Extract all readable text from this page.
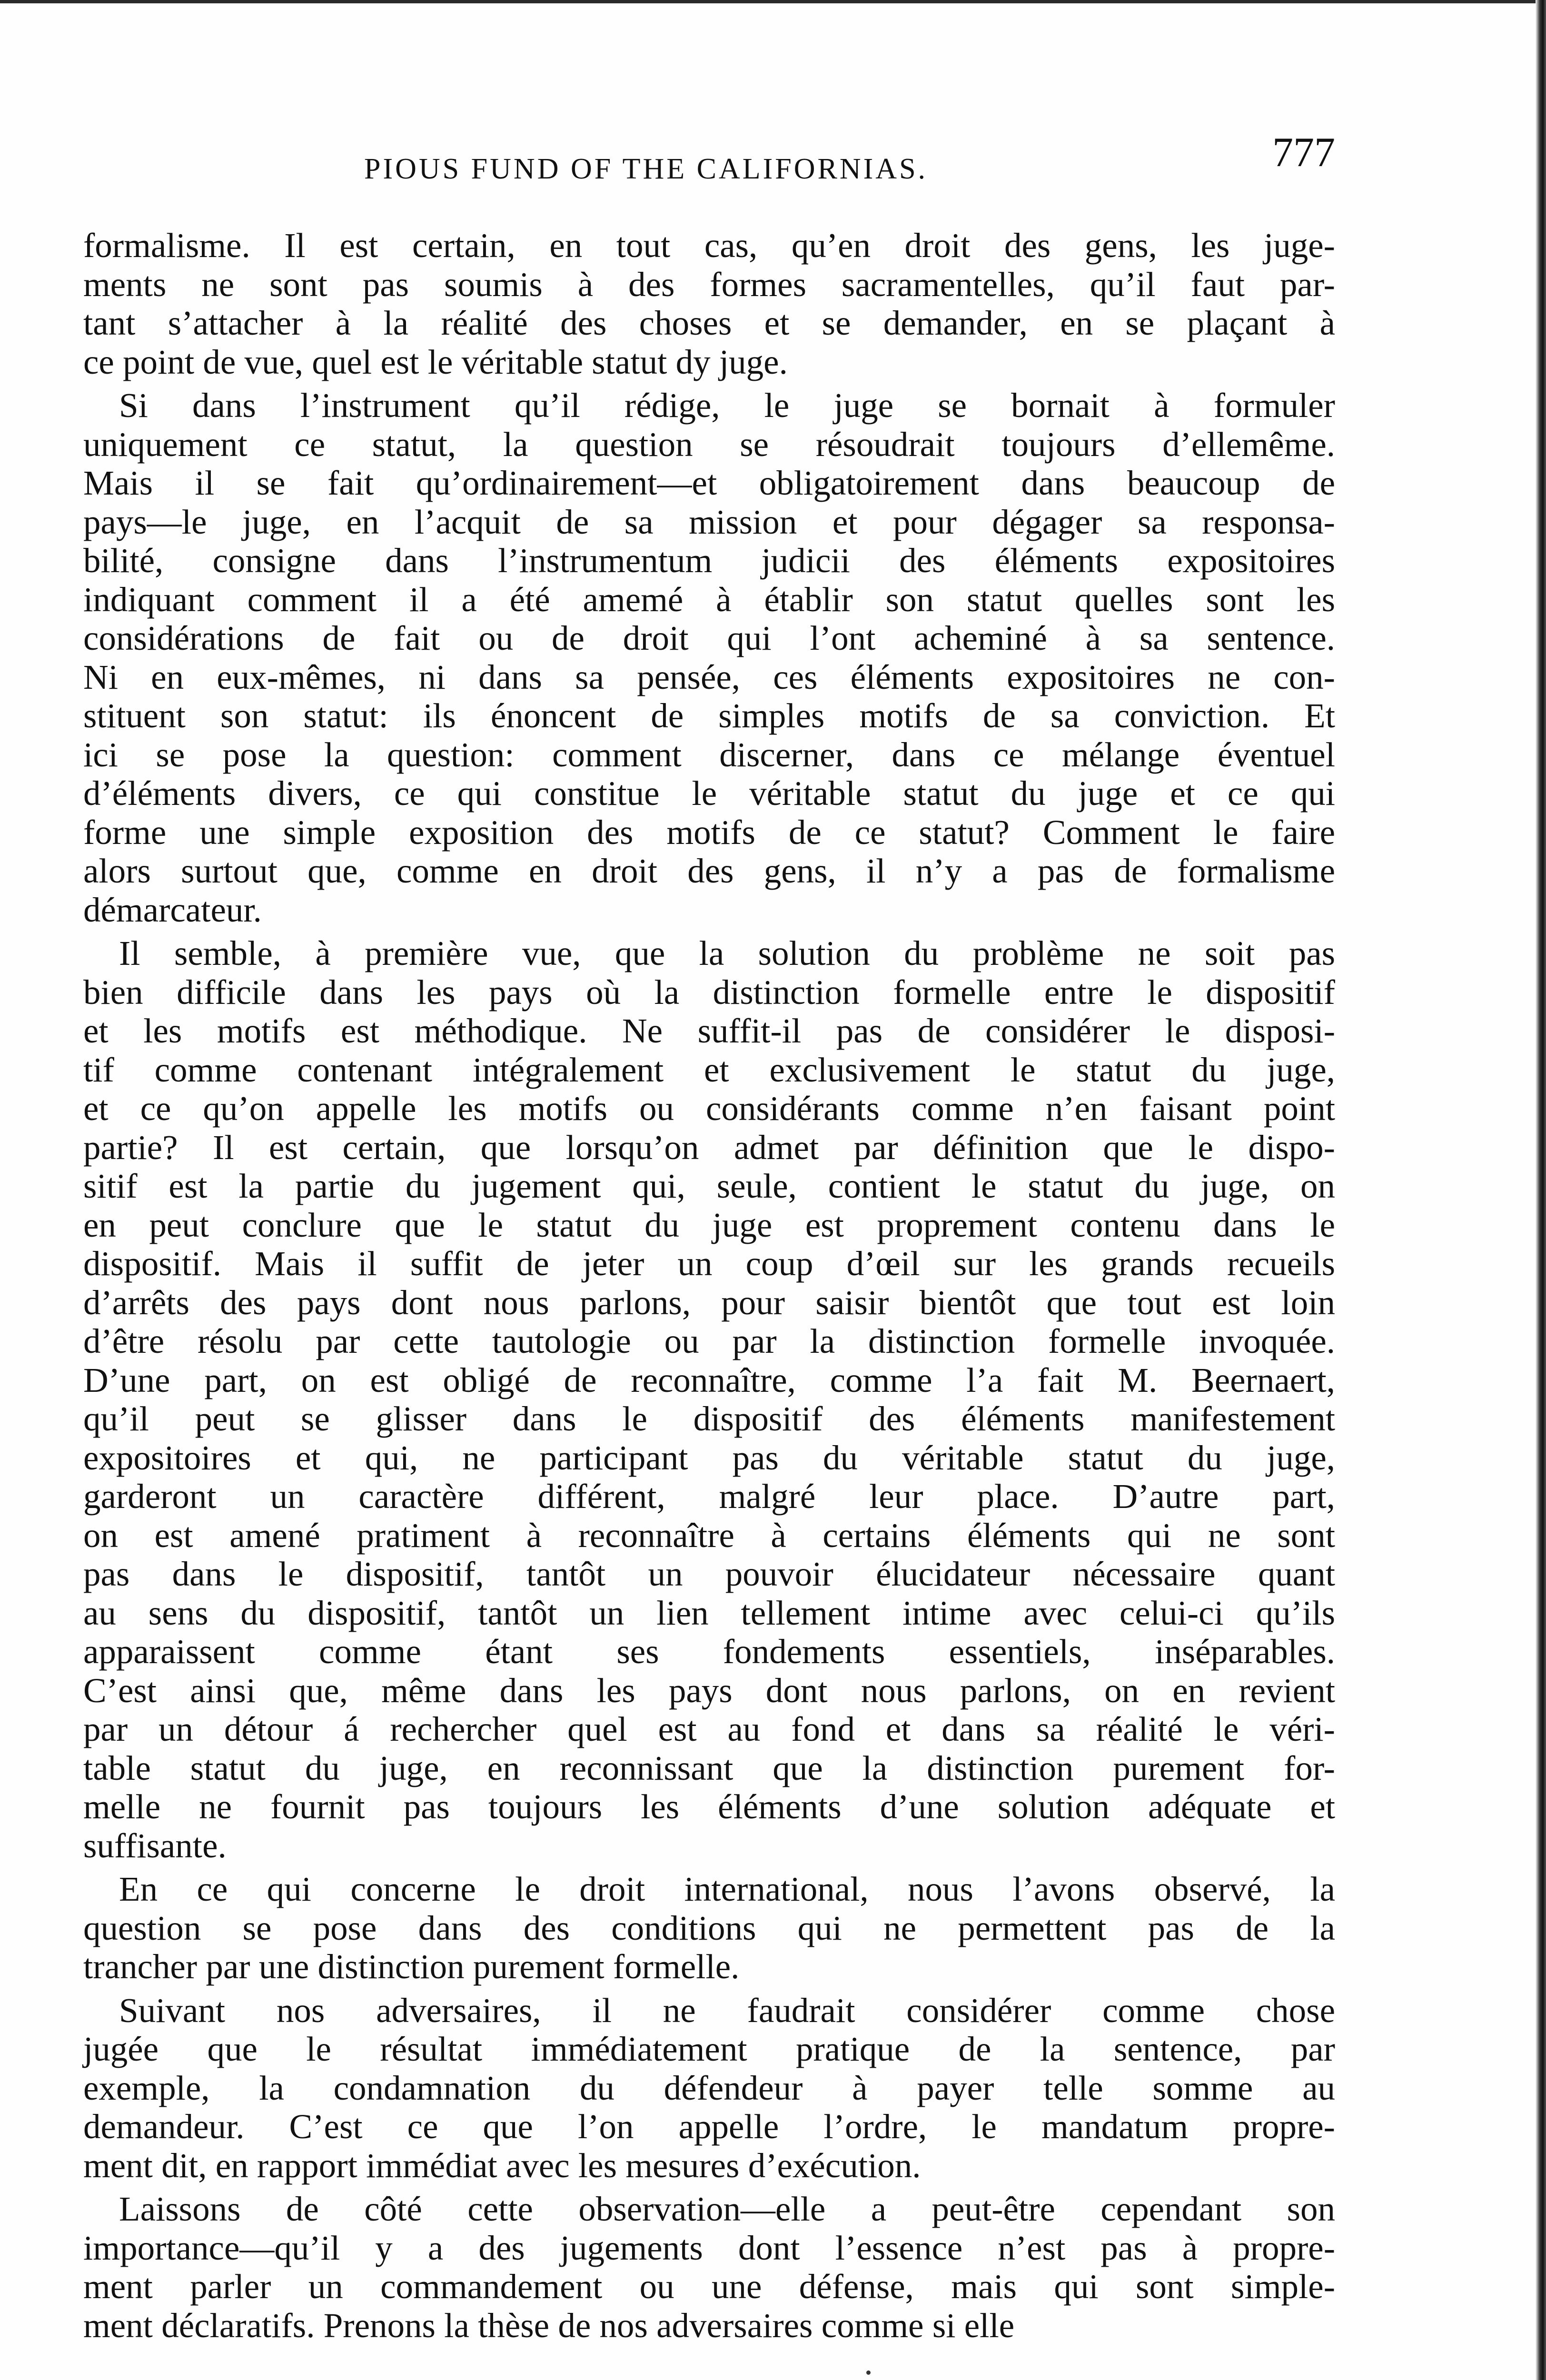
PIOUS FUND OF THE CALIFORNIAS.	777
formalisme. Il est certain, en tout cas, qu’en droit des gens, les juge-
ments ne sont pas soumis à des formes sacramentelles, qu’il faut par-
tant s’attacher à la réalité des choses et se demander, en se plaçant à
ce point de vue, quel est le véritable statut dy juge.
Si dans l’instrument qu’il rédige, le juge se bornait à formuler
uniquement ce statut, la question se résoudrait toujours d’ellemême.
Mais il se fait qu’ordinairement—et obligatoirement dans beaucoup de
pays—le juge, en l’acquit de sa mission et pour dégager sa responsa-
bilité, consigne dans l’instrumentum judicii des éléments expositoires
indiquant comment il a été amemé à établir son statut quelles sont les
considérations de fait ou de droit qui l’ont acheminé à sa sentence.
Ni en eux-mêmes, ni dans sa pensée, ces éléments expositoires ne con-
stituent son statut: ils énoncent de simples motifs de sa conviction. Et
ici se pose la question: comment discerner, dans ce mélange éventuel
d’éléments divers, ce qui constitue le véritable statut du juge et ce qui
forme une simple exposition des motifs de ce statut? Comment le faire
alors surtout que, comme en droit des gens, il n’y a pas de formalisme
démarcateur.
Il semble, à première vue, que la solution du problème ne soit pas
bien difficile dans les pays où la distinction formelle entre le dispositif
et les motifs est méthodique. Ne suffit-il pas de considérer le disposi-
tif comme contenant intégralement et exclusivement le statut du juge,
et ce qu’on appelle les motifs ou considérants comme n’en faisant point
partie? Il est certain, que lorsqu’on admet par définition que le dispo-
sitif est la partie du jugement qui, seule, contient le statut du juge, on
en peut conclure que le statut du juge est proprement contenu dans le
dispositif. Mais il suffit de jeter un coup d’œil sur les grands recueils
d’arrêts des pays dont nous parlons, pour saisir bientôt que tout est loin
d’être résolu par cette tautologie ou par la distinction formelle invoquée.
D’une part, on est obligé de reconnaître, comme l’a fait M. Beernaert,
qu’il peut se glisser dans le dispositif des éléments manifestement
expositoires et qui, ne participant pas du véritable statut du juge,
garderont un caractère différent, malgré leur place. D’autre part,
on est amené pratiment à reconnaître à certains éléments qui ne sont
pas dans le dispositif, tantôt un pouvoir élucidateur nécessaire quant
au sens du dispositif, tantôt un lien tellement intime avec celui-ci qu’ils
apparaissent comme étant ses fondements essentiels, inséparables.
C’est ainsi que, même dans les pays dont nous parlons, on en revient
par un détour á rechercher quel est au fond et dans sa réalité le véri-
table statut du juge, en reconnissant que la distinction purement for-
melle ne fournit pas toujours les éléments d’une solution adéquate et
suffisante.
En ce qui concerne le droit international, nous l’avons observé, la
question se pose dans des conditions qui ne permettent pas de la
trancher par une distinction purement formelle.
Suivant nos adversaires, il ne faudrait considérer comme chose
jugée que le résultat immédiatement pratique de la sentence, par
exemple, la condamnation du défendeur à payer telle somme au
demandeur. C’est ce que l’on appelle l’ordre, le mandatum propre-
ment dit, en rapport immédiat avec les mesures d’exécution.
Laissons de côté cette observation—elle a peut-être cependant son
importance—qu’il y a des jugements dont l’essence n’est pas à propre-
ment parler un commandement ou une défense, mais qui sont simple-
ment déclaratifs. Prenons la thèse de nos adversaires comme si elle
